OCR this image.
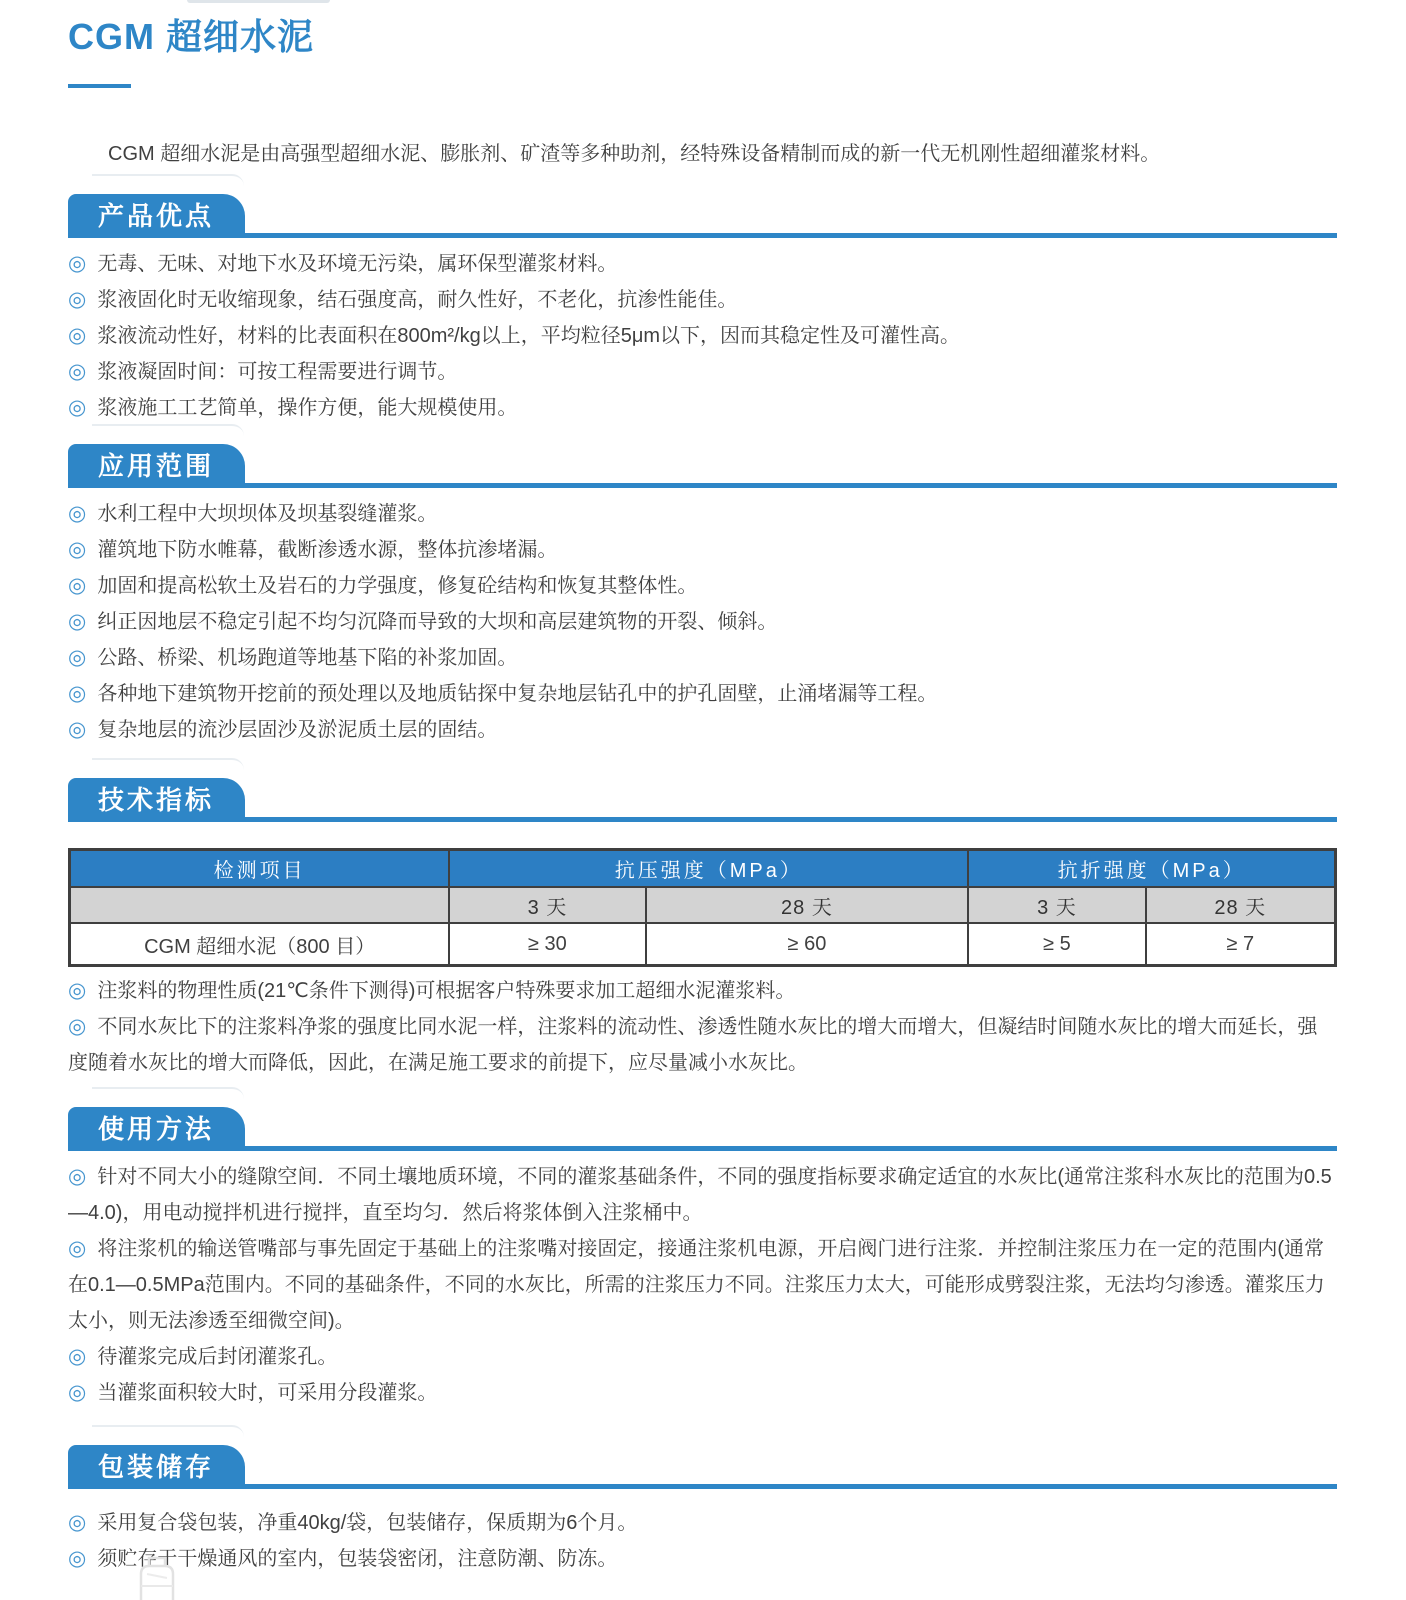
CGM 超细水泥

CGM 超细水泥是由高强型超细水泥、膨胀剂、矿渣等多种助剂，经特殊设备精制而成的新一代无机刚性超细灌浆材料。

产品优点
◎ 无毒、无味、对地下水及环境无污染，属环保型灌浆材料。
◎ 浆液固化时无收缩现象，结石强度高，耐久性好，不老化，抗渗性能佳。
◎ 浆液流动性好，材料的比表面积在800m²/kg以上，平均粒径5μm以下，因而其稳定性及可灌性高。
◎ 浆液凝固时间：可按工程需要进行调节。
◎ 浆液施工工艺简单，操作方便，能大规模使用。
应用范围
◎ 水利工程中大坝坝体及坝基裂缝灌浆。
◎ 灌筑地下防水帷幕，截断渗透水源，整体抗渗堵漏。
◎ 加固和提高松软土及岩石的力学强度，修复砼结构和恢复其整体性。
◎ 纠正因地层不稳定引起不均匀沉降而导致的大坝和高层建筑物的开裂、倾斜。
◎ 公路、桥梁、机场跑道等地基下陷的补浆加固。
◎ 各种地下建筑物开挖前的预处理以及地质钻探中复杂地层钻孔中的护孔固壁，止涌堵漏等工程。
◎ 复杂地层的流沙层固沙及淤泥质土层的固结。
技术指标
检测项目	抗压强度（MPa）		抗折强度（MPa）	
	3 天	28 天	3 天	28 天
CGM 超细水泥（800 目）	≥ 30	≥ 60	≥ 5	≥ 7
◎ 注浆料的物理性质(21℃条件下测得)可根据客户特殊要求加工超细水泥灌浆料。
◎ 不同水灰比下的注浆料净浆的强度比同水泥一样，注浆料的流动性、渗透性随水灰比的增大而增大，但凝结时间随水灰比的增大而延长，强度随着水灰比的增大而降低，因此，在满足施工要求的前提下，应尽量减小水灰比。
使用方法
◎ 针对不同大小的缝隙空间．不同土壤地质环境，不同的灌浆基础条件，不同的强度指标要求确定适宜的水灰比(通常注浆科水灰比的范围为0.5—4.0)，用电动搅拌机进行搅拌，直至均匀．然后将浆体倒入注浆桶中。
◎ 将注浆机的输送管嘴部与事先固定于基础上的注浆嘴对接固定，接通注浆机电源，开启阀门进行注浆．并控制注浆压力在一定的范围内(通常在0.1—0.5MPa范围内。不同的基础条件，不同的水灰比，所需的注浆压力不同。注浆压力太大，可能形成劈裂注浆，无法均匀渗透。灌浆压力太小，则无法渗透至细微空间)。
◎ 待灌浆完成后封闭灌浆孔。
◎ 当灌浆面积较大时，可采用分段灌浆。
包装储存
◎ 采用复合袋包装，净重40kg/袋，包装储存，保质期为6个月。
◎ 须贮存于干燥通风的室内，包装袋密闭，注意防潮、防冻。
